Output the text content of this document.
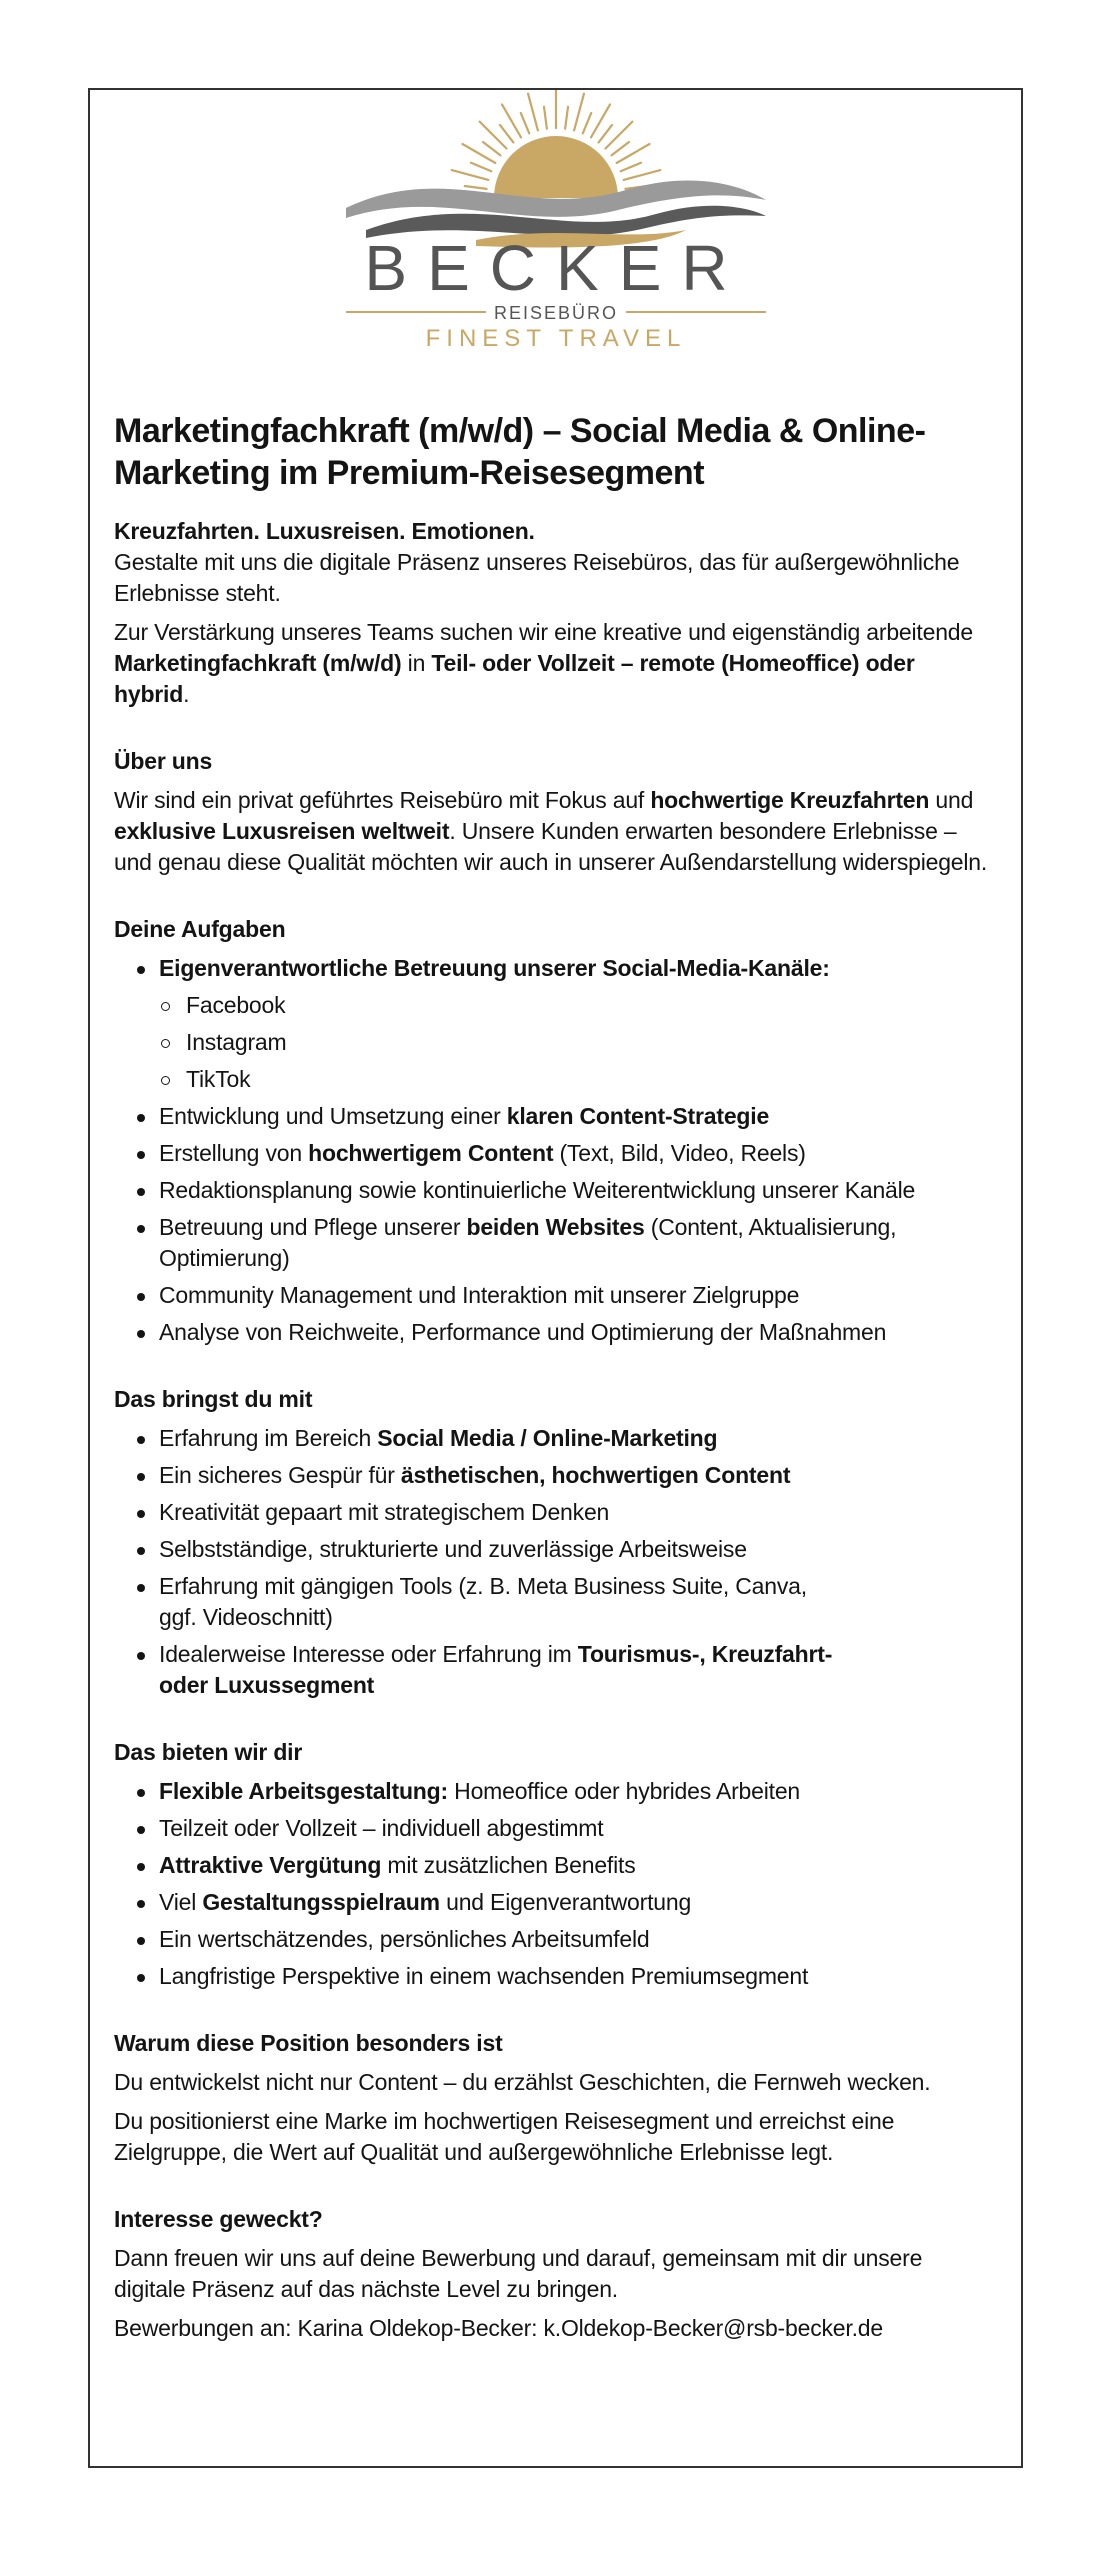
BECKER
REISEBÜRO
FINEST TRAVEL
Marketingfachkraft (m/w/d) – Social Media & Online-Marketing im Premium-Reisesegment
Kreuzfahrten. Luxusreisen. Emotionen.

Gestalte mit uns die digitale Präsenz unseres Reisebüros, das für außergewöhnliche Erlebnisse steht.

Zur Verstärkung unseres Teams suchen wir eine kreative und eigenständig arbeitende Marketingfachkraft (m/w/d) in Teil- oder Vollzeit – remote (Homeoffice) oder hybrid.

Über uns

Wir sind ein privat geführtes Reisebüro mit Fokus auf hochwertige Kreuzfahrten und exklusive Luxusreisen weltweit. Unsere Kunden erwarten besondere Erlebnisse – und genau diese Qualität möchten wir auch in unserer Außendarstellung widerspiegeln.

Deine Aufgaben
Eigenverantwortliche Betreuung unserer Social-Media-Kanäle:
Facebook
Instagram
TikTok
Entwicklung und Umsetzung einer klaren Content-Strategie
Erstellung von hochwertigem Content (Text, Bild, Video, Reels)
Redaktionsplanung sowie kontinuierliche Weiterentwicklung unserer Kanäle
Betreuung und Pflege unserer beiden Websites (Content, Aktualisierung, Optimierung)
Community Management und Interaktion mit unserer Zielgruppe
Analyse von Reichweite, Performance und Optimierung der Maßnahmen
Das bringst du mit
Erfahrung im Bereich Social Media / Online-Marketing
Ein sicheres Gespür für ästhetischen, hochwertigen Content
Kreativität gepaart mit strategischem Denken
Selbstständige, strukturierte und zuverlässige Arbeitsweise
Erfahrung mit gängigen Tools (z. B. Meta Business Suite, Canva, ggf. Videoschnitt)
Idealerweise Interesse oder Erfahrung im Tourismus-, Kreuzfahrt- oder Luxussegment
Das bieten wir dir
Flexible Arbeitsgestaltung: Homeoffice oder hybrides Arbeiten
Teilzeit oder Vollzeit – individuell abgestimmt
Attraktive Vergütung mit zusätzlichen Benefits
Viel Gestaltungsspielraum und Eigenverantwortung
Ein wertschätzendes, persönliches Arbeitsumfeld
Langfristige Perspektive in einem wachsenden Premiumsegment
Warum diese Position besonders ist

Du entwickelst nicht nur Content – du erzählst Geschichten, die Fernweh wecken.

Du positionierst eine Marke im hochwertigen Reisesegment und erreichst eine Zielgruppe, die Wert auf Qualität und außergewöhnliche Erlebnisse legt.

Interesse geweckt?

Dann freuen wir uns auf deine Bewerbung und darauf, gemeinsam mit dir unsere digitale Präsenz auf das nächste Level zu bringen.

Bewerbungen an: Karina Oldekop-Becker: k.Oldekop-Becker@rsb-becker.de
